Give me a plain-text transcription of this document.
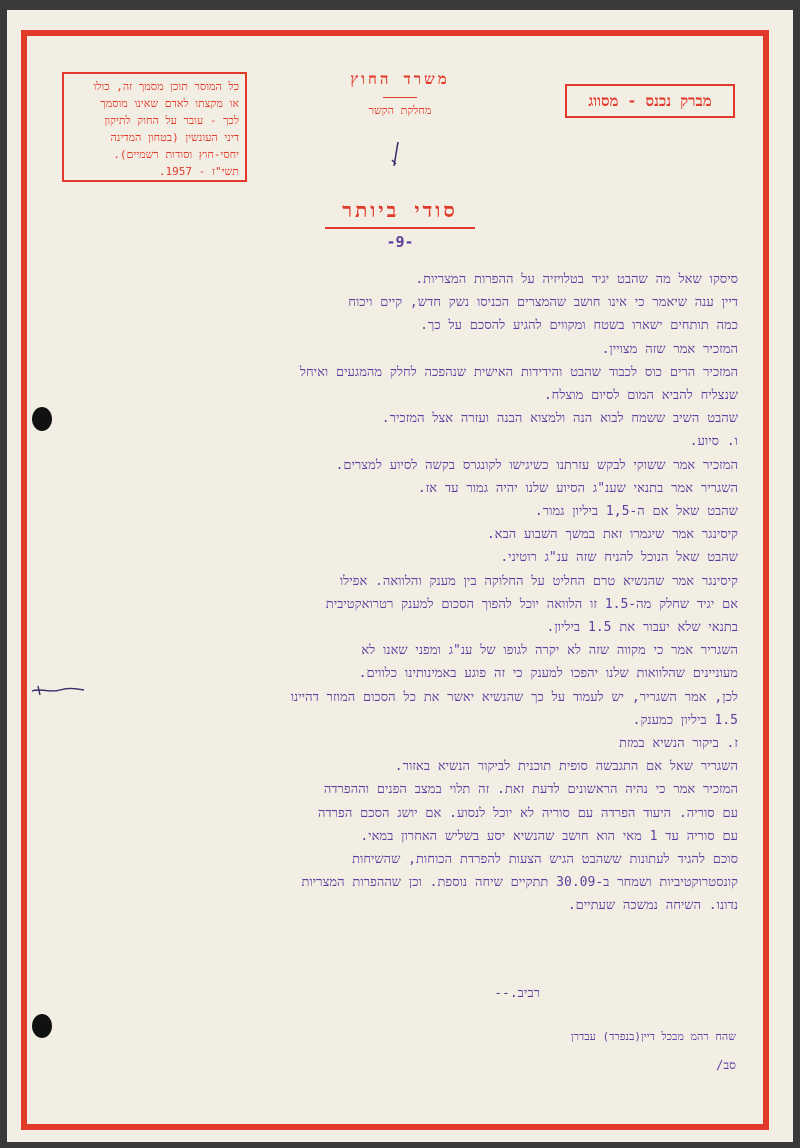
כל המוסר תוכן מסמך זה, כולו
או מקצתו לאדם שאינו מוסמך
לכך - עובר על החוק לתיקון
דיני העונשין (בטחון המדינה
יחסי-חוץ וסודות רשמיים).
תשי"ז - 1957.
משרד החוץ
מחלקת הקשר
מברק נכנס - מסווג
סודי ביותר
-9-

סיסקו שאל מה שהבט יגיד בטלויזיה על ההפרות המצריות.

דיין ענה שיאמר כי אינו חושב שהמצרים הכניסו נשק חדש, קיים ויכוח

כמה תותחים ישארו בשטח ומקווים להגיע להסכם על כך.

המזכיר אמר שזה מצויין.

המזכיר הרים כוס לכבוד שהבט והידידות האישית שנהפכה לחלק מהמגעים ואיחל

שנצליח להביא המום לסיום מוצלח.

שהבט השיב ששמח לבוא הנה ולמצוא הבנה ועזרה אצל המזכיר.

ו. סיוע.

המזכיר אמר ששוקי לבקש עזרתנו כשיגישו לקונגרס בקשה לסיוע למצרים.

השגריר אמר בתנאי שענ"ג הסיוע שלנו יהיה גמור עד אז.

שהבט שאל אם ה-1,5 ביליון גמור.

קיסינגר אמר שיגמרו זאת במשך השבוע הבא.

שהבט שאל הנוכל להניח שזה ענ"ג רוטיני.

קיסינגר אמר שהנשיא טרם החליט על החלוקה בין מענק והלוואה. אפילו

אם יגיד שחלק מה-1.5 זו הלוואה יוכל להפוך הסכום למענק רטרואקטיבית

בתנאי שלא יעבור את 1.5 ביליון.

השגריר אמר כי מקווה שזה לא יקרה לגופו של ענ"ג ומפני שאנו לא

מעוניינים שהלוואות שלנו יהפכו למענק כי זה פוגע באמינותינו כלווים.

לכן, אמר השגריר, יש לעמוד על כך שהנשיא יאשר את כל הסכום המוזר דהיינו

1.5 ביליון כמענק.

ז. ביקור הנשיא במזת

השגריר שאל אם התגבשה סופית תוכנית לביקור הנשיא באזור.

המזכיר אמר כי נהיה הראשונים לדעת זאת. זה תלוי במצב הפנים וההפרדה

עם סוריה. היעוד הפרדה עם סוריה לא יוכל לנסוע. אם יושג הסכם הפרדה

עם סוריה עד 1 מאי הוא חושב שהנשיא יסע בשליש האחרון במאי.

סוכם להגיד לעתונות ששהבט הגיש הצעות להפרדת הכוחות, שהשיחות

קונסטרוקטיביות ושמחר ב-30.09 תתקיים שיחה נוספת. וכן שההפרות המצריות

נדונו. השיחה נמשכה שעתיים.

רביב.--
שהח רהמ מבכל דיין(בנפרד) עבדרן
סב/
